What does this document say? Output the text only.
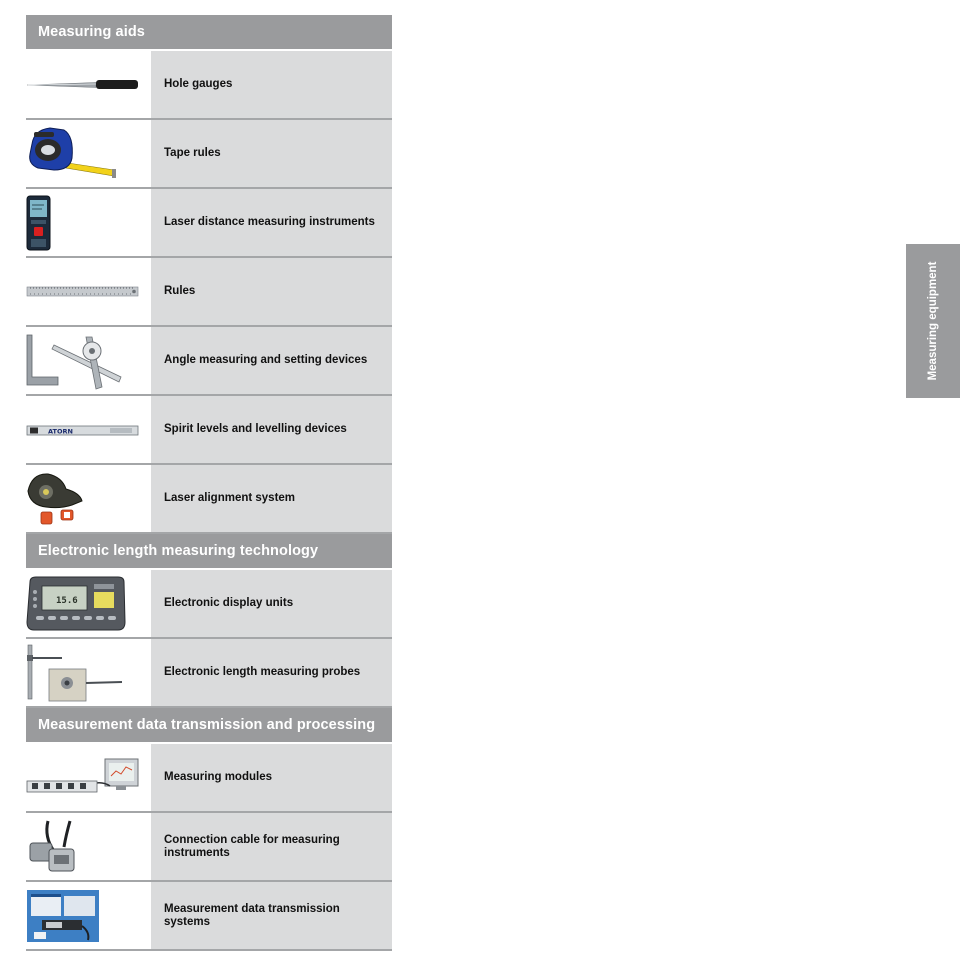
Measuring aids
Hole gauges
Tape rules
Laser distance measuring instruments
Rules
Angle measuring and setting devices
ATORN	Spirit levels and levelling devices
Laser alignment system
Electronic length measuring technology
15.6	Electronic display units
Electronic length measuring probes
Measurement data transmission and processing
Measuring modules
Connection cable for measuring instruments
Measurement data transmission systems
Measuring equipment
